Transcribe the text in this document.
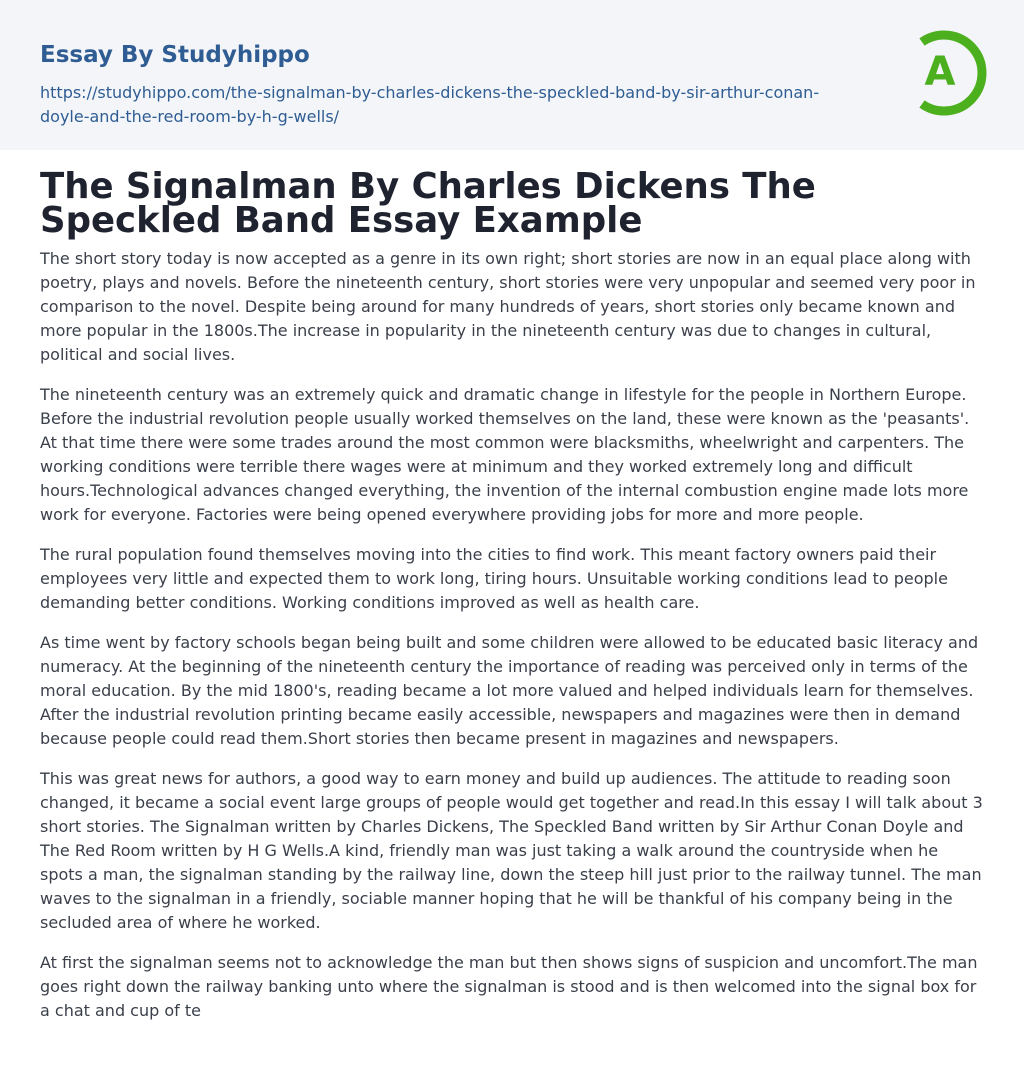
Essay By Studyhippo
https://studyhippo.com/the-signalman-by-charles-dickens-the-speckled-band-by-sir-arthur-conan-doyle-and-the-red-room-by-h-g-wells/
A
The Signalman By Charles Dickens The Speckled Band Essay Example

The short story today is now accepted as a genre in its own right; short stories are now in an equal place along with poetry, plays and novels. Before the nineteenth century, short stories were very unpopular and seemed very poor in comparison to the novel. Despite being around for many hundreds of years, short stories only became known and more popular in the 1800s.The increase in popularity in the nineteenth century was due to changes in cultural, political and social lives.

The nineteenth century was an extremely quick and dramatic change in lifestyle for the people in Northern Europe. Before the industrial revolution people usually worked themselves on the land, these were known as the 'peasants'. At that time there were some trades around the most common were blacksmiths, wheelwright and carpenters. The working conditions were terrible there wages were at minimum and they worked extremely long and difficult hours.Technological advances changed everything, the invention of the internal combustion engine made lots more work for everyone. Factories were being opened everywhere providing jobs for more and more people.

The rural population found themselves moving into the cities to find work. This meant factory owners paid their employees very little and expected them to work long, tiring hours. Unsuitable working conditions lead to people demanding better conditions. Working conditions improved as well as health care.

As time went by factory schools began being built and some children were allowed to be educated basic literacy and numeracy. At the beginning of the nineteenth century the importance of reading was perceived only in terms of the moral education. By the mid 1800's, reading became a lot more valued and helped individuals learn for themselves. After the industrial revolution printing became easily accessible, newspapers and magazines were then in demand because people could read them.Short stories then became present in magazines and newspapers.

This was great news for authors, a good way to earn money and build up audiences. The attitude to reading soon changed, it became a social event large groups of people would get together and read.In this essay I will talk about 3 short stories. The Signalman written by Charles Dickens, The Speckled Band written by Sir Arthur Conan Doyle and The Red Room written by H G Wells.A kind, friendly man was just taking a walk around the countryside when he spots a man, the signalman standing by the railway line, down the steep hill just prior to the railway tunnel. The man waves to the signalman in a friendly, sociable manner hoping that he will be thankful of his company being in the secluded area of where he worked.

At first the signalman seems not to acknowledge the man but then shows signs of suspicion and uncomfort.The man goes right down the railway banking unto where the signalman is stood and is then welcomed into the signal box for a chat and cup of te
